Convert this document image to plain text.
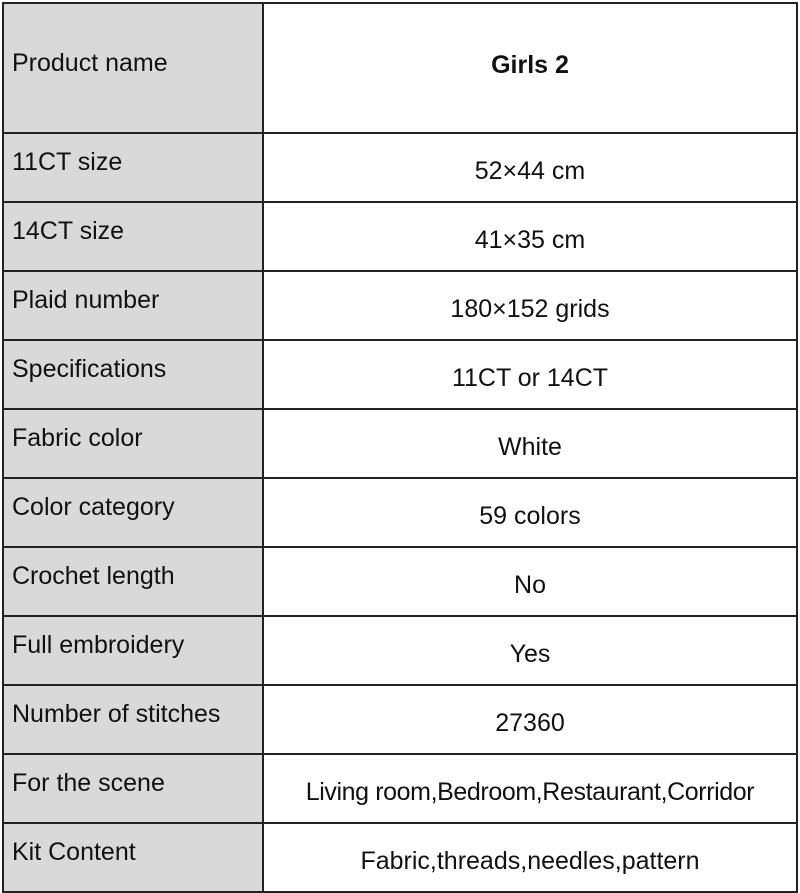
Product name	Girls 2
11CT size	52×44 cm
14CT size	41×35 cm
Plaid number	180×152 grids
Specifications	11CT or 14CT
Fabric color	White
Color category	59 colors
Crochet length	No
Full embroidery	Yes
Number of stitches	27360
For the scene	Living room,Bedroom,Restaurant,Corridor
Kit Content	Fabric,threads,needles,pattern
